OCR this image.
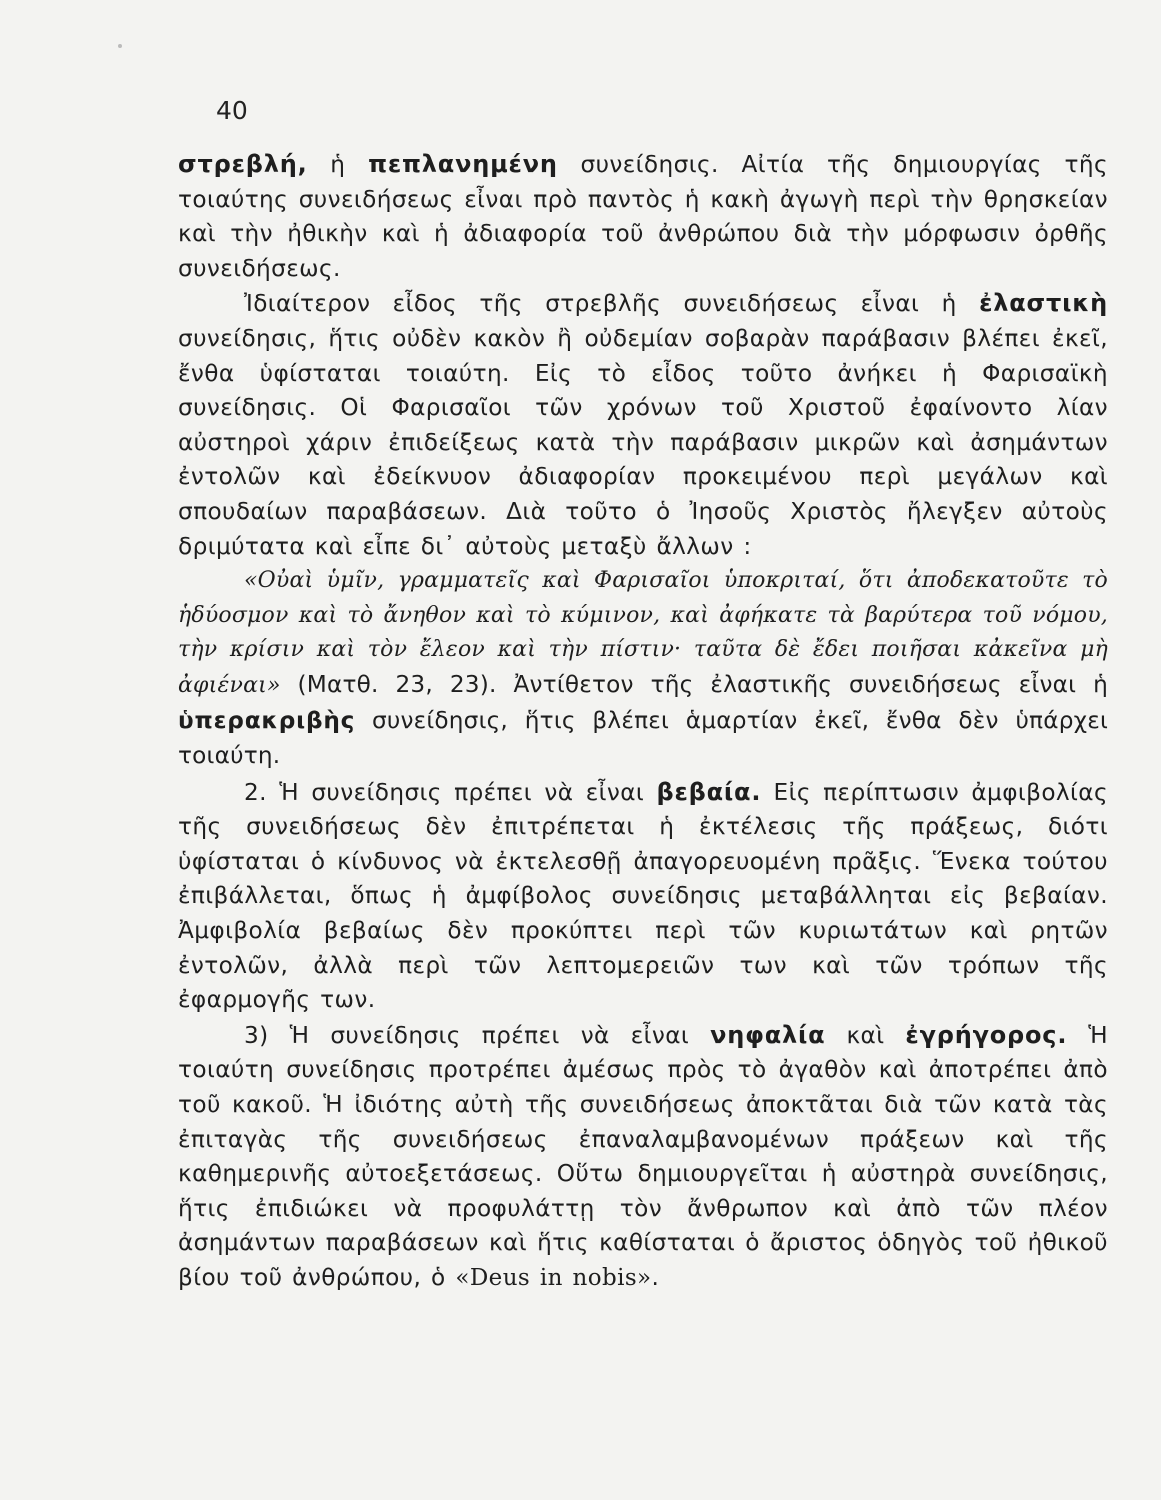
40

στρεβλή, ἡ πεπλανημένη συνείδησις. Αἰτία τῆς δημιουργίας τῆς τοιαύτης συνειδήσεως εἶναι πρὸ παντὸς ἡ κακὴ ἀγωγὴ περὶ τὴν θρησκείαν καὶ τὴν ἠθικὴν καὶ ἡ ἀδιαφορία τοῦ ἀνθρώπου διὰ τὴν μόρφωσιν ὀρθῆς συνειδήσεως.

Ἰδιαίτερον εἶδος τῆς στρεβλῆς συνειδήσεως εἶναι ἡ ἐλαστικὴ συνείδησις, ἥτις οὐδὲν κακὸν ἢ οὐδεμίαν σοβαρὰν παράβασιν βλέπει ἐκεῖ, ἔνθα ὑφίσταται τοιαύτη. Εἰς τὸ εἶδος τοῦτο ἀνήκει ἡ Φαρισαϊκὴ συνείδησις. Οἱ Φαρισαῖοι τῶν χρόνων τοῦ Χριστοῦ ἐφαίνοντο λίαν αὐστηροὶ χάριν ἐπιδείξεως κατὰ τὴν παράβασιν μικρῶν καὶ ἀσημάντων ἐντολῶν καὶ ἐδείκνυον ἀδιαφορίαν προκειμένου περὶ μεγάλων καὶ σπουδαίων παραβάσεων. Διὰ τοῦτο ὁ Ἰησοῦς Χριστὸς ἤλεγξεν αὐτοὺς δριμύτατα καὶ εἶπε δι᾽ αὐτοὺς μεταξὺ ἄλλων :

«Οὐαὶ ὑμῖν, γραμματεῖς καὶ Φαρισαῖοι ὑποκριταί, ὅτι ἀποδεκατοῦτε τὸ ἡδύοσμον καὶ τὸ ἄνηθον καὶ τὸ κύμινον, καὶ ἀφήκατε τὰ βαρύτερα τοῦ νόμου, τὴν κρίσιν καὶ τὸν ἔλεον καὶ τὴν πίστιν· ταῦτα δὲ ἔδει ποιῆσαι κἀκεῖνα μὴ ἀφιέναι» (Ματθ. 23, 23). Ἀντίθετον τῆς ἐλαστικῆς συνειδήσεως εἶναι ἡ ὑπερακριβὴς συνείδησις, ἥτις βλέπει ἁμαρτίαν ἐκεῖ, ἔνθα δὲν ὑπάρχει τοιαύτη.

2. Ἡ συνείδησις πρέπει νὰ εἶναι βεβαία. Εἰς περίπτωσιν ἀμφιβολίας τῆς συνειδήσεως δὲν ἐπιτρέπεται ἡ ἐκτέλεσις τῆς πράξεως, διότι ὑφίσταται ὁ κίνδυνος νὰ ἐκτελεσθῇ ἀπαγορευομένη πρᾶξις. Ἕνεκα τούτου ἐπιβάλλεται, ὅπως ἡ ἀμφίβολος συνείδησις μεταβάλληται εἰς βεβαίαν. Ἀμφιβολία βεβαίως δὲν προκύπτει περὶ τῶν κυριωτάτων καὶ ρητῶν ἐντολῶν, ἀλλὰ περὶ τῶν λεπτομερειῶν των καὶ τῶν τρόπων τῆς ἐφαρμογῆς των.

3) Ἡ συνείδησις πρέπει νὰ εἶναι νηφαλία καὶ ἐγρήγορος. Ἡ τοιαύτη συνείδησις προτρέπει ἀμέσως πρὸς τὸ ἀγαθὸν καὶ ἀποτρέπει ἀπὸ τοῦ κακοῦ. Ἡ ἰδιότης αὐτὴ τῆς συνειδήσεως ἀποκτᾶται διὰ τῶν κατὰ τὰς ἐπιταγὰς τῆς συνειδήσεως ἐπαναλαμβανομένων πράξεων καὶ τῆς καθημερινῆς αὐτοεξετάσεως. Οὕτω δημιουργεῖται ἡ αὐστηρὰ συνείδησις, ἥτις ἐπιδιώκει νὰ προφυλάττῃ τὸν ἄνθρωπον καὶ ἀπὸ τῶν πλέον ἀσημάντων παραβάσεων καὶ ἥτις καθίσταται ὁ ἄριστος ὁδηγὸς τοῦ ἠθικοῦ βίου τοῦ ἀνθρώπου, ὁ «Deus in nobis».
